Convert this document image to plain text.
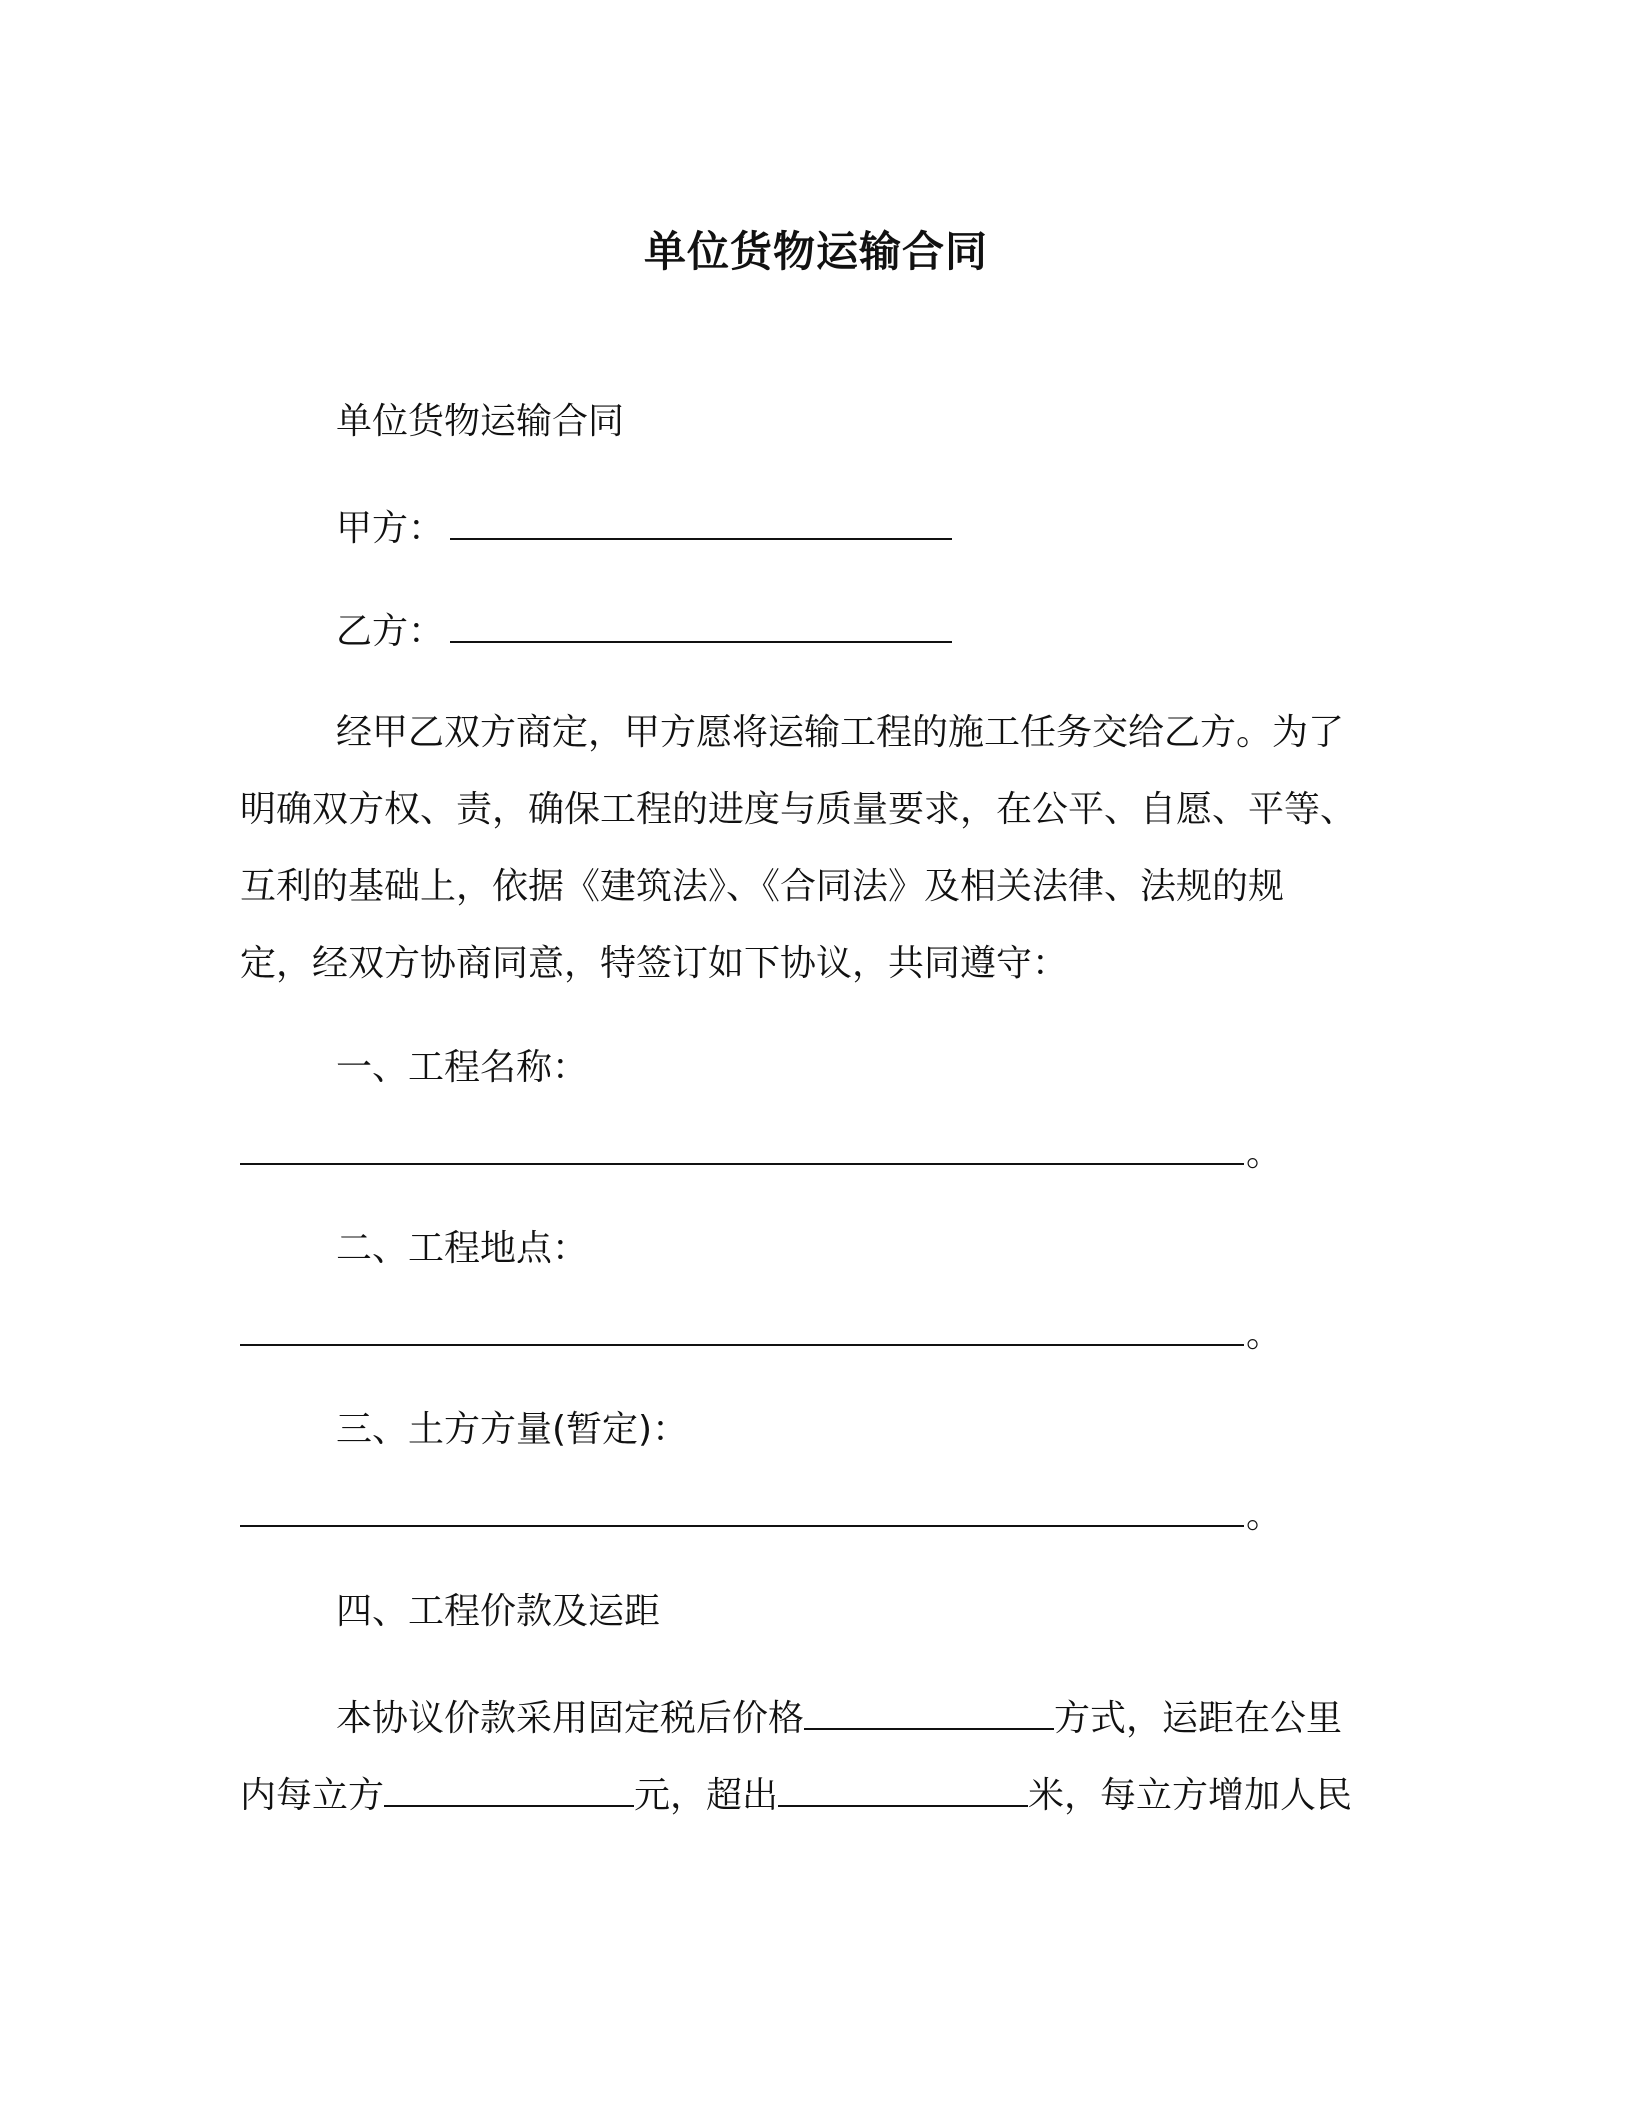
单位货物运输合同
单位货物运输合同
甲方：
乙方：
经甲乙双方商定，甲方愿将运输工程的施工任务交给乙方。为了
明确双方权、责，确保工程的进度与质量要求，在公平、自愿、平等、
互利的基础上，依据《建筑法》、《合同法》及相关法律、法规的规
定，经双方协商同意，特签订如下协议，共同遵守：
一、工程名称：
。
二、工程地点：
。
三、土方方量(暂定)：
。
四、工程价款及运距
本协议价款采用固定税后价格	方式，运距在公里
内每立方	元，超出	米，每立方增加人民
